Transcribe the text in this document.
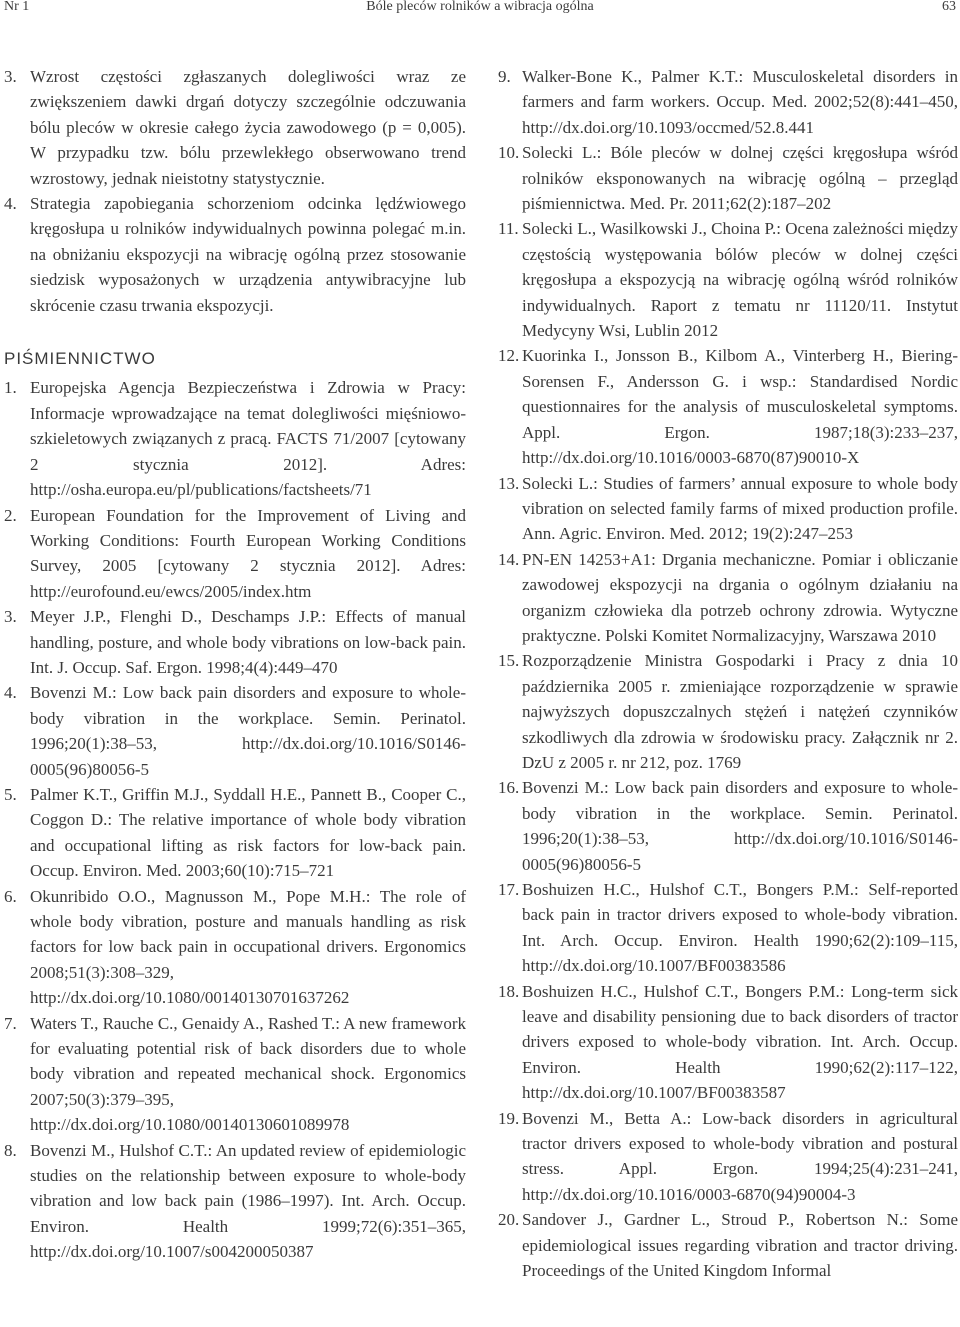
Nr 1	Bóle pleców rolników a wibracja ogólna	63
3. Wzrost częstości zgłaszanych dolegliwości wraz ze zwiększeniem dawki drgań dotyczy szczególnie odczuwania bólu pleców w okresie całego życia zawodowego (p = 0,005). W przypadku tzw. bólu przewlekłego obserwowano trend wzrostowy, jednak nieistotny statystycznie.
4. Strategia zapobiegania schorzeniom odcinka lędźwiowego kręgosłupa u rolników indywidualnych powinna polegać m.in. na obniżaniu ekspozycji na wibrację ogólną przez stosowanie siedzisk wyposażonych w urządzenia antywibracyjne lub skrócenie czasu trwania ekspozycji.
PIŚMIENNICTWO
1. Europejska Agencja Bezpieczeństwa i Zdrowia w Pracy: Informacje wprowadzające na temat dolegliwości mięśniowo-szkieletowych związanych z pracą. FACTS 71/2007 [cytowany 2 stycznia 2012]. Adres: http://osha.europa.eu/pl/publications/factsheets/71
2. European Foundation for the Improvement of Living and Working Conditions: Fourth European Working Conditions Survey, 2005 [cytowany 2 stycznia 2012]. Adres: http://eurofound.eu/ewcs/2005/index.htm
3. Meyer J.P., Flenghi D., Deschamps J.P.: Effects of manual handling, posture, and whole body vibrations on low-back pain. Int. J. Occup. Saf. Ergon. 1998;4(4):449–470
4. Bovenzi M.: Low back pain disorders and exposure to whole-body vibration in the workplace. Semin. Perinatol. 1996;20(1):38–53, http://dx.doi.org/10.1016/S0146-0005(96)80056-5
5. Palmer K.T., Griffin M.J., Syddall H.E., Pannett B., Cooper C., Coggon D.: The relative importance of whole body vibration and occupational lifting as risk factors for low-back pain. Occup. Environ. Med. 2003;60(10):715–721
6. Okunribido O.O., Magnusson M., Pope M.H.: The role of whole body vibration, posture and manuals handling as risk factors for low back pain in occupational drivers. Ergonomics 2008;51(3):308–329, http://dx.doi.org/10.1080/00140130701637262
7. Waters T., Rauche C., Genaidy A., Rashed T.: A new framework for evaluating potential risk of back disorders due to whole body vibration and repeated mechanical shock. Ergonomics 2007;50(3):379–395, http://dx.doi.org/10.1080/00140130601089978
8. Bovenzi M., Hulshof C.T.: An updated review of epidemiologic studies on the relationship between exposure to whole-body vibration and low back pain (1986–1997). Int. Arch. Occup. Environ. Health 1999;72(6):351–365, http://dx.doi.org/10.1007/s004200050387
9. Walker-Bone K., Palmer K.T.: Musculoskeletal disorders in farmers and farm workers. Occup. Med. 2002;52(8):441–450, http://dx.doi.org/10.1093/occmed/52.8.441
10. Solecki L.: Bóle pleców w dolnej części kręgosłupa wśród rolników eksponowanych na wibrację ogólną – przegląd piśmiennictwa. Med. Pr. 2011;62(2):187–202
11. Solecki L., Wasilkowski J., Choina P.: Ocena zależności między częstością występowania bólów pleców w dolnej części kręgosłupa a ekspozycją na wibrację ogólną wśród rolników indywidualnych. Raport z tematu nr 11120/11. Instytut Medycyny Wsi, Lublin 2012
12. Kuorinka I., Jonsson B., Kilbom A., Vinterberg H., Biering-Sorensen F., Andersson G. i wsp.: Standardised Nordic questionnaires for the analysis of musculoskeletal symptoms. Appl. Ergon. 1987;18(3):233–237, http://dx.doi.org/10.1016/0003-6870(87)90010-X
13. Solecki L.: Studies of farmers’ annual exposure to whole body vibration on selected family farms of mixed production profile. Ann. Agric. Environ. Med. 2012; 19(2):247–253
14. PN-EN 14253+A1: Drgania mechaniczne. Pomiar i obliczanie zawodowej ekspozycji na drgania o ogólnym działaniu na organizm człowieka dla potrzeb ochrony zdrowia. Wytyczne praktyczne. Polski Komitet Normalizacyjny, Warszawa 2010
15. Rozporządzenie Ministra Gospodarki i Pracy z dnia 10 października 2005 r. zmieniające rozporządzenie w sprawie najwyższych dopuszczalnych stężeń i natężeń czynników szkodliwych dla zdrowia w środowisku pracy. Załącznik nr 2. DzU z 2005 r. nr 212, poz. 1769
16. Bovenzi M.: Low back pain disorders and exposure to whole-body vibration in the workplace. Semin. Perinatol. 1996;20(1):38–53, http://dx.doi.org/10.1016/S0146-0005(96)80056-5
17. Boshuizen H.C., Hulshof C.T., Bongers P.M.: Self-reported back pain in tractor drivers exposed to whole-body vibration. Int. Arch. Occup. Environ. Health 1990;62(2):109–115, http://dx.doi.org/10.1007/BF00383586
18. Boshuizen H.C., Hulshof C.T., Bongers P.M.: Long-term sick leave and disability pensioning due to back disorders of tractor drivers exposed to whole-body vibration. Int. Arch. Occup. Environ. Health 1990;62(2):117–122, http://dx.doi.org/10.1007/BF00383587
19. Bovenzi M., Betta A.: Low-back disorders in agricultural tractor drivers exposed to whole-body vibration and postural stress. Appl. Ergon. 1994;25(4):231–241, http://dx.doi.org/10.1016/0003-6870(94)90004-3
20. Sandover J., Gardner L., Stroud P., Robertson N.: Some epidemiological issues regarding vibration and tractor driving. Proceedings of the United Kingdom Informal
